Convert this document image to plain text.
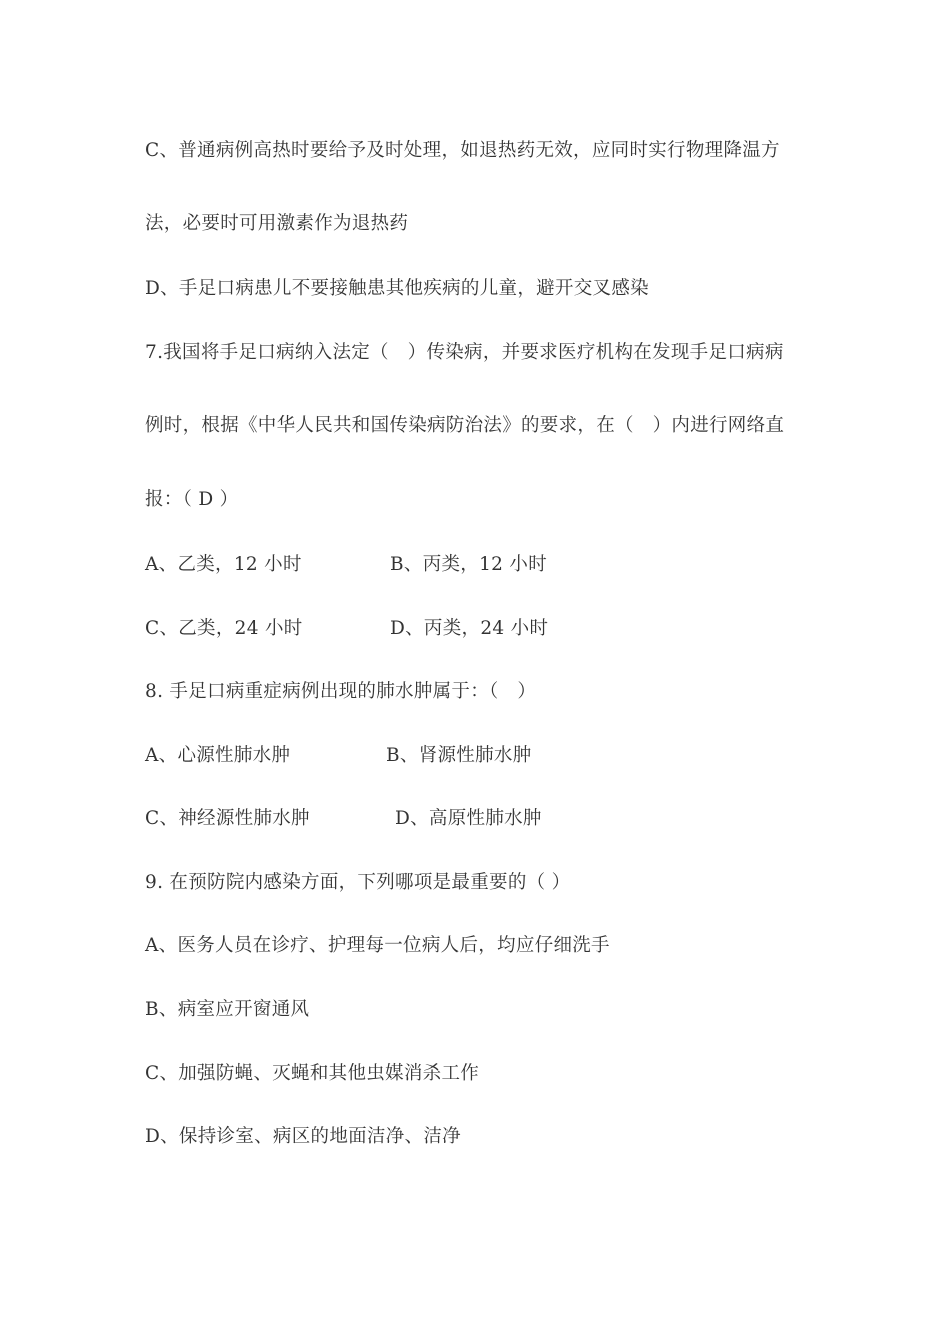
C、普通病例高热时要给予及时处理，如退热药无效，应同时实行物理降温方
法，必要时可用激素作为退热药
D、手足口病患儿不要接触患其他疾病的儿童，避开交叉感染
7.我国将手足口病纳入法定（　）传染病，并要求医疗机构在发现手足口病病
例时，根据《中华人民共和国传染病防治法》的要求，在（　）内进行网络直
报：（ D ）
A、乙类，12 小时	B、丙类，12 小时
C、乙类，24 小时	D、丙类，24 小时
8. 手足口病重症病例出现的肺水肿属于：（　）
A、心源性肺水肿	B、肾源性肺水肿
C、神经源性肺水肿	D、高原性肺水肿
9. 在预防院内感染方面，下列哪项是最重要的（ ）
A、医务人员在诊疗、护理每一位病人后，均应仔细洗手
B、病室应开窗通风
C、加强防蝇、灭蝇和其他虫媒消杀工作
D、保持诊室、病区的地面洁净、洁净
